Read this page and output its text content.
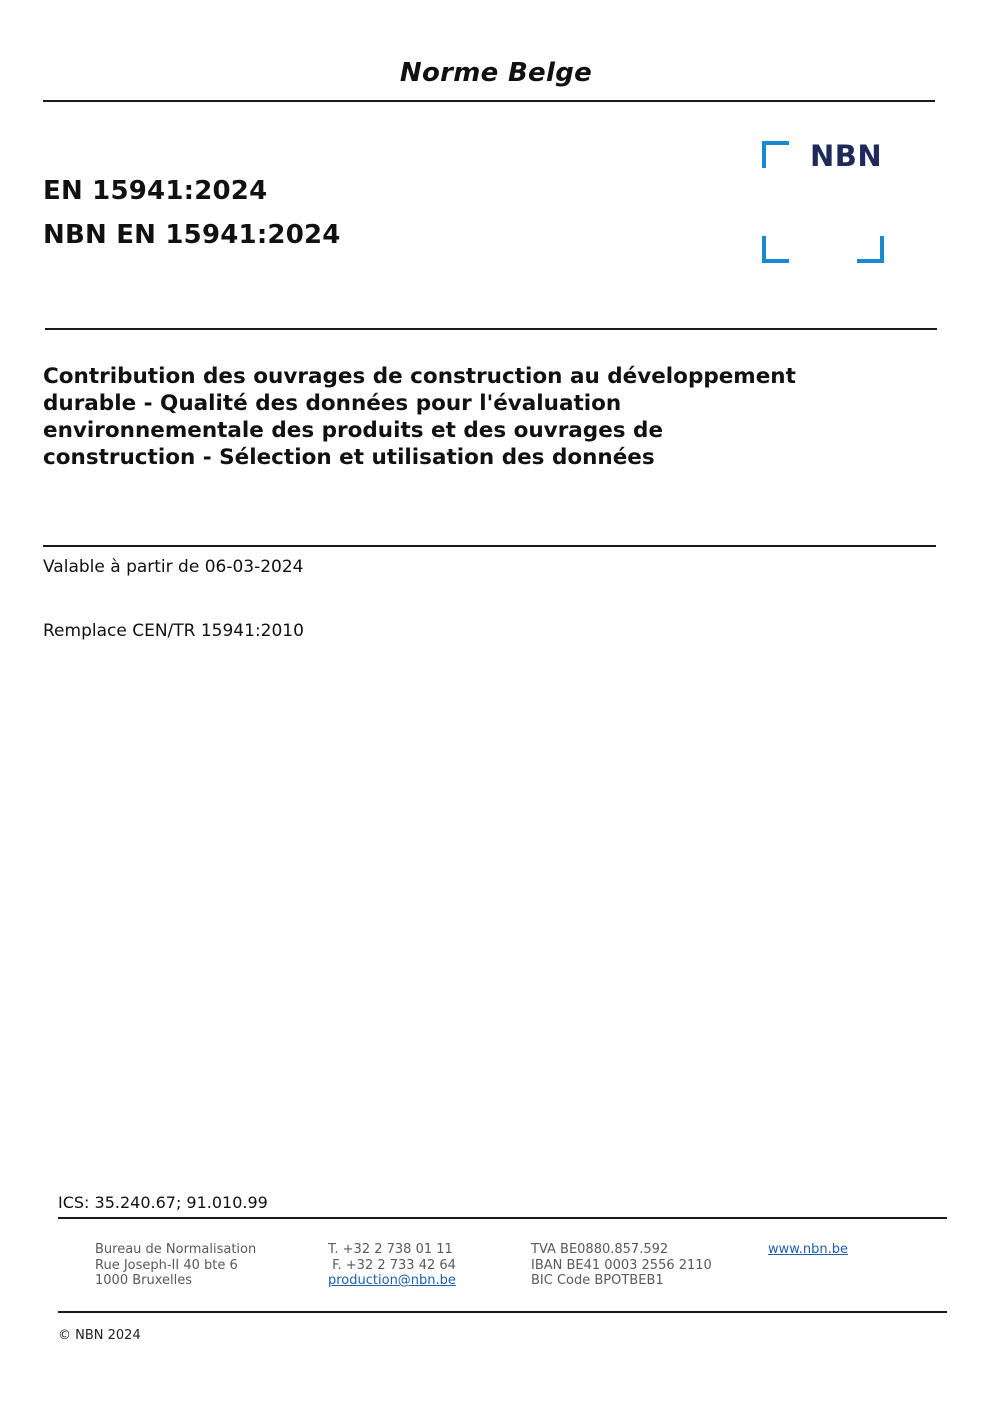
Norme Belge
NBN
EN 15941:2024
NBN EN 15941:2024
Contribution des ouvrages de construction au développement
durable - Qualité des données pour l'évaluation
environnementale des produits et des ouvrages de
construction - Sélection et utilisation des données
Valable à partir de 06-03-2024
Remplace CEN/TR 15941:2010
ICS: 35.240.67; 91.010.99
Bureau de Normalisation
Rue Joseph-II 40 bte 6
1000 Bruxelles
T. +32 2 738 01 11
F. +32 2 733 42 64
production@nbn.be
TVA BE0880.857.592
IBAN BE41 0003 2556 2110
BIC Code BPOTBEB1
www.nbn.be
© NBN 2024
